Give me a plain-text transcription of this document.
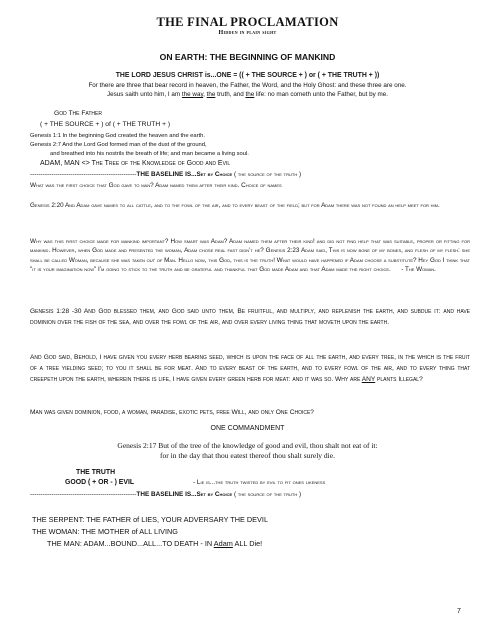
THE FINAL PROCLAMATION
Hidden in plain sight
ON EARTH: THE BEGINNING OF MANKIND
THE LORD JESUS CHRIST is...ONE = (( + THE SOURCE + ) or ( + THE TRUTH + ))
For there are three that bear record in heaven, the Father, the Word, and the Holy Ghost: and these three are one.
Jesus saith unto him, I am the way, the truth, and the life: no man cometh unto the Father, but by me.
God The Father
( + THE SOURCE + ) of ( + THE TRUTH + )
Genesis 1:1 In the beginning God created the heaven and the earth.
Genesis 2:7 And the Lord God formed man of the dust of the ground,
and breathed into his nostrils the breath of life; and man became a living soul.
ADAM, MAN <> The Tree of the Knowledge of Good and Evil
--------------------------------------------------THE BASELINE IS...Set by Choice ( the source of the truth )
What was the first choice that God gave to man? Adam named them after their kind. Choice of names

Genesis 2:20 And Adam gave names to all cattle, and to the fowl of the air, and to every beast of the field; but for Adam there was not found an help meet for him.

Why was this first choice made for mankind important? How smart was Adam? Adam named them after their kind! and did not find help that was suitable, proper or fitting for mankind. However, when God made and presented the woman, Adam chose real fast didn't he? Genesis 2:23 Adam said, This is now bone of my bones, and flesh of my flesh: she shall be called Woman, because she was taken out of Man. Hello now, this God, this is the truth! What would have happened if Adam choose a substitute? Hey God I think that "it is your imagination now" I'm going to stick to the truth and be grateful and thankful that God made Adam and that Adam made the right choice. - The Woman.

Genesis 1:28 -30 And God blessed them, and God said unto them, Be fruitful, and multiply, and replenish the earth, and subdue it: and have dominion over the fish of the sea, and over the fowl of the air, and over every living thing that moveth upon the earth.

And God said, Behold, I have given you every herb bearing seed, which is upon the face of all the earth, and every tree, in the which is the fruit of a tree yielding seed; to you it shall be for meat. And to every beast of the earth, and to every fowl of the air, and to every thing that creepeth upon the earth, wherein there is life, I have given every green herb for meat: and it was so. Why are ANY plants Illegal?

Man was given dominion, food, a woman, paradise, exotic pets, free Will, and only One Choice?
ONE COMMANDMENT
Genesis 2:17 But of the tree of the knowledge of good and evil, thou shalt not eat of it:
for in the day that thou eatest thereof thou shalt surely die.
THE TRUTH
GOOD ( + OR - ) EVIL	- Lie is...the truth twisted by evil to fit ones likeness
--------------------------------------------------THE BASELINE IS...Set by Choice ( the source of the truth )
THE SERPENT: THE FATHER of LIES, YOUR ADVERSARY THE DEVIL
THE WOMAN: THE MOTHER of ALL LIVING
THE MAN: ADAM...BOUND...ALL...TO DEATH - IN Adam ALL Die!
7
